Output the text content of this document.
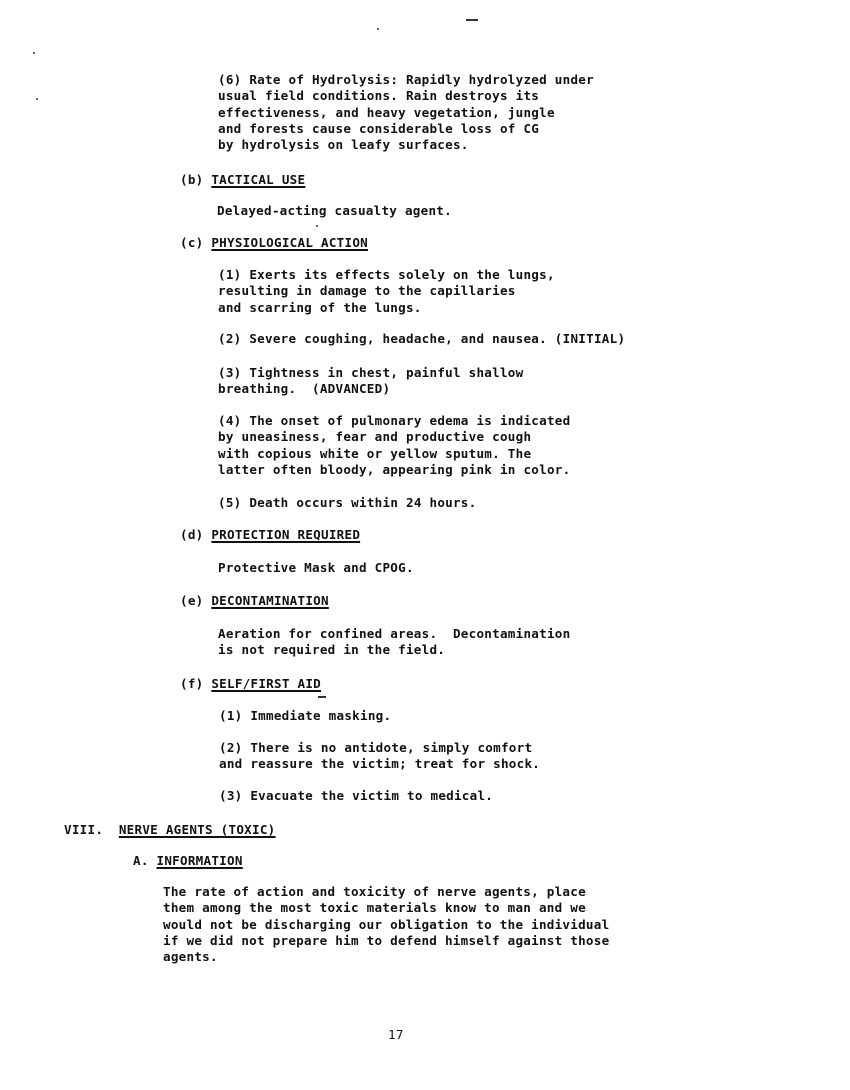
(6) Rate of Hydrolysis: Rapidly hydrolyzed under
usual field conditions. Rain destroys its
effectiveness, and heavy vegetation, jungle
and forests cause considerable loss of CG
by hydrolysis on leafy surfaces.
(b) TACTICAL USE
Delayed-acting casualty agent.
(c) PHYSIOLOGICAL ACTION
(1) Exerts its effects solely on the lungs,
resulting in damage to the capillaries
and scarring of the lungs.
(2) Severe coughing, headache, and nausea. (INITIAL)
(3) Tightness in chest, painful shallow
breathing.  (ADVANCED)
(4) The onset of pulmonary edema is indicated
by uneasiness, fear and productive cough
with copious white or yellow sputum. The
latter often bloody, appearing pink in color.
(5) Death occurs within 24 hours.
(d) PROTECTION REQUIRED
Protective Mask and CPOG.
(e) DECONTAMINATION
Aeration for confined areas.  Decontamination
is not required in the field.
(f) SELF/FIRST AID
(1) Immediate masking.
(2) There is no antidote, simply comfort
and reassure the victim; treat for shock.
(3) Evacuate the victim to medical.
VIII. NERVE AGENTS (TOXIC)
A. INFORMATION
The rate of action and toxicity of nerve agents, place
them among the most toxic materials know to man and we
would not be discharging our obligation to the individual
if we did not prepare him to defend himself against those
agents.
17
